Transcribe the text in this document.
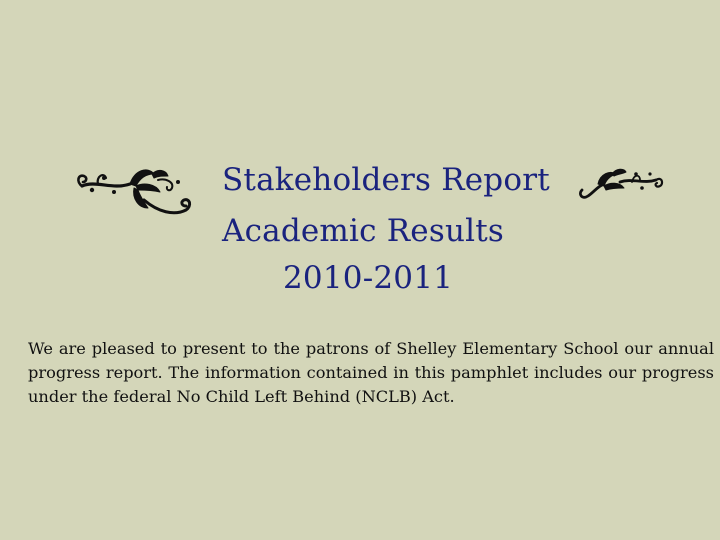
Stakeholders Report
Academic Results
2010-2011
We are pleased to present to the patrons of Shelley Elementary School our annual progress report. The information contained in this pamphlet includes our progress under the federal No Child Left Behind (NCLB) Act.
